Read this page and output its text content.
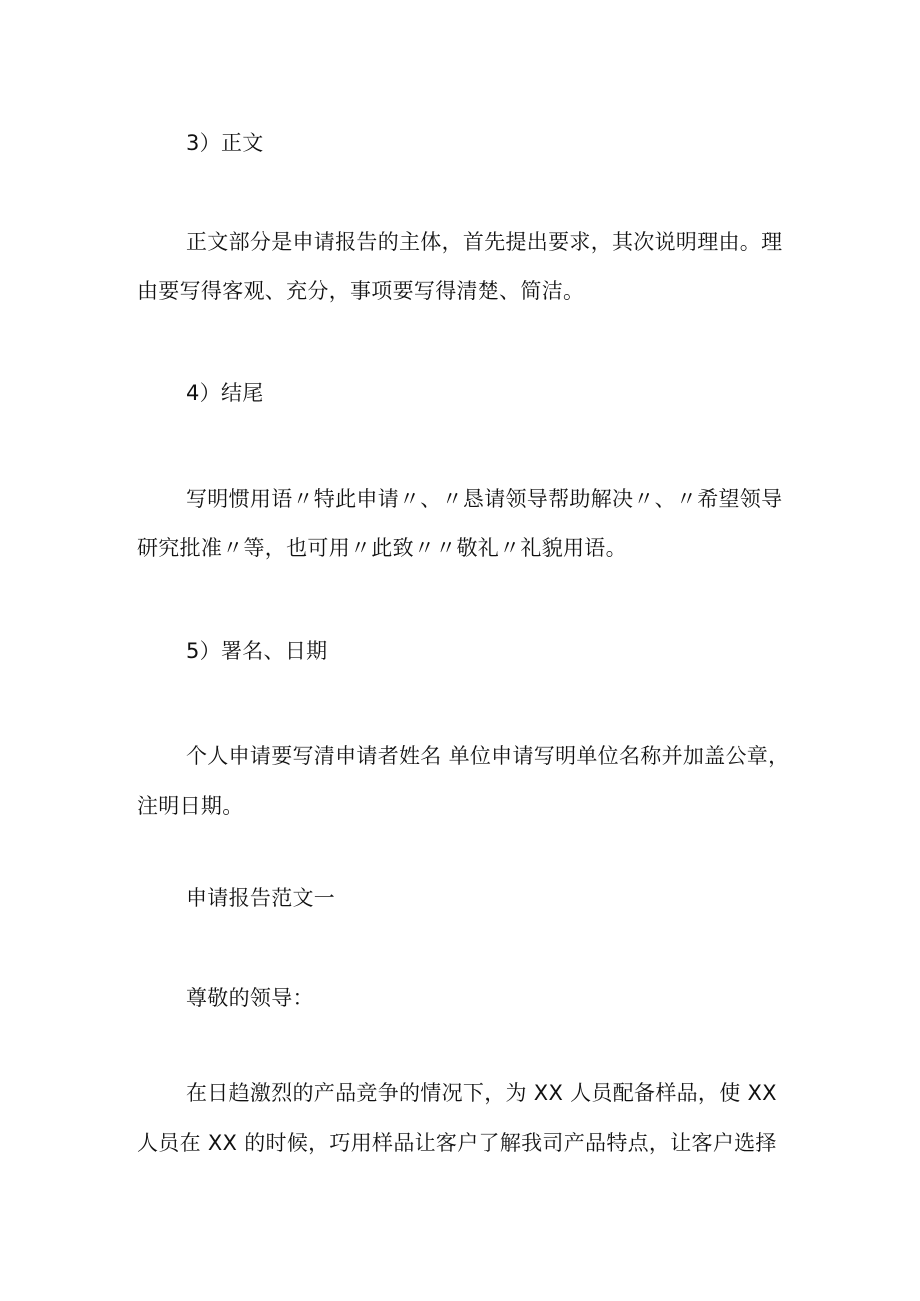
3）正文
正文部分是申请报告的主体，首先提出要求，其次说明理由。理
由要写得客观、充分，事项要写得清楚、简洁。
4）结尾
写明惯用语〃特此申请〃、〃恳请领导帮助解决〃、〃希望领导
研究批准〃等，也可用〃此致〃〃敬礼〃礼貌用语。
5）署名、日期
个人申请要写清申请者姓名 单位申请写明单位名称并加盖公章，
注明日期。
申请报告范文一
尊敬的领导：
在日趋激烈的产品竞争的情况下，为 XX 人员配备样品，使 XX
人员在 XX 的时候，巧用样品让客户了解我司产品特点，让客户选择
